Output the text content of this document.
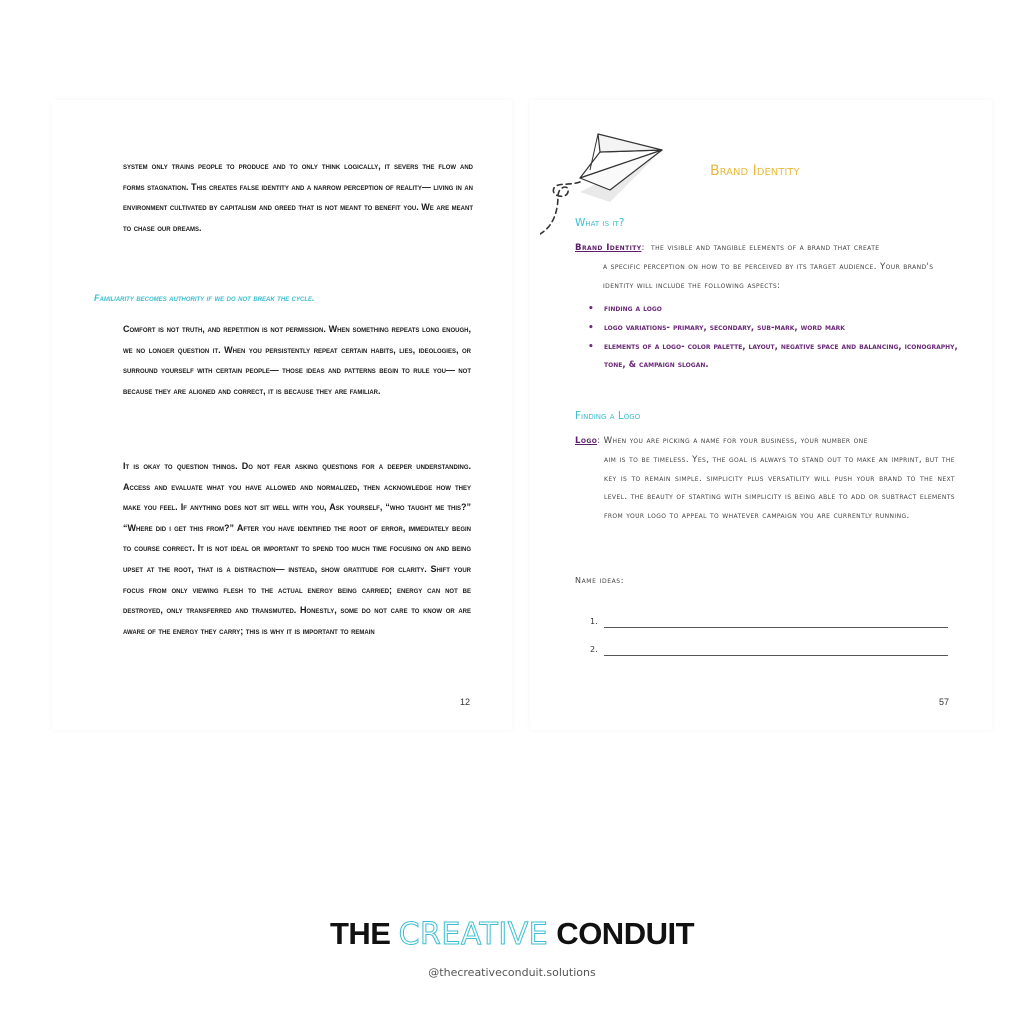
system only trains people to produce and to only think logically, it severs the flow and forms stagnation. This creates false identity and a narrow perception of reality— living in an environment cultivated by capitalism and greed that is not meant to benefit you. We are meant to chase our dreams.

Familiarity becomes authority if we do not break the cycle.

Comfort is not truth, and repetition is not permission. When something repeats long enough, we no longer question it. When you persistently repeat certain habits, lies, ideologies, or surround yourself with certain people— those ideas and patterns begin to rule you— not because they are aligned and correct, it is because they are familiar.

It is okay to question things. Do not fear asking questions for a deeper understanding. Access and evaluate what you have allowed and normalized, then acknowledge how they make you feel. If anything does not sit well with you, Ask yourself, “who taught me this?” “Where did i get this from?” After you have identified the root of error, immediately begin to course correct. It is not ideal or important to spend too much time focusing on and being upset at the root, that is a distraction— instead, show gratitude for clarity. Shift your focus from only viewing flesh to the actual energy being carried; energy can not be destroyed, only transferred and transmuted. Honestly, some do not care to know or are aware of the energy they carry; this is why it is important to remain

12
Brand Identity
What is it?

Brand Identity:  the visible and tangible elements of a brand that create
a specific perception on how to be perceived by its target audience. Your brand's identity will include the following aspects:

• finding a logo
• logo variations- primary, secondary, sub-mark, word mark
• elements of a logo- color palette, layout, negative space and balancing, iconography, tone, & campaign slogan.
Finding a Logo

Logo: When you are picking a name for your business, your number one
aim is to be timeless. Yes, the goal is always to stand out to make an imprint, but the key is to remain simple. simplicity plus versatility will push your brand to the next level. the beauty of starting with simplicity is being able to add or subtract elements from your logo to appeal to whatever campaign you are currently running.

Name ideas:

1.
2.
57
THE CREATIVE CONDUIT
@thecreativeconduit.solutions
